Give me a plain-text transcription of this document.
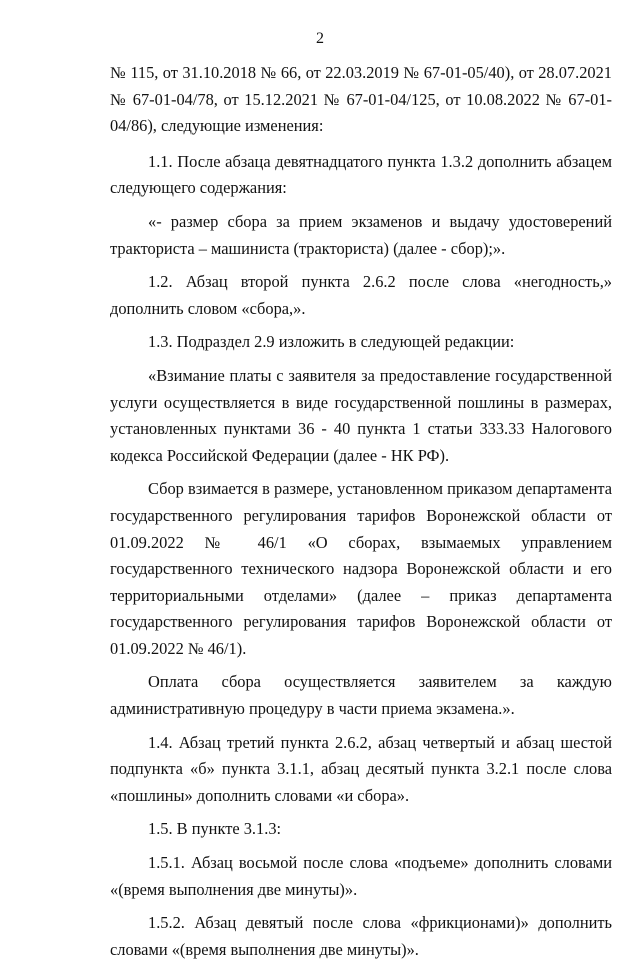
2

№ 115, от 31.10.2018 № 66, от 22.03.2019 № 67-01-05/40), от 28.07.2021 № 67-01-04/78, от 15.12.2021 № 67-01-04/125, от 10.08.2022 № 67-01-04/86), следующие изменения:

1.1. После абзаца девятнадцатого пункта 1.3.2 дополнить абзацем следующего содержания:

«- размер сбора за прием экзаменов и выдачу удостоверений тракториста – машиниста (тракториста) (далее - сбор);».

1.2. Абзац второй пункта 2.6.2 после слова «негодность,» дополнить словом «сбора,».

1.3. Подраздел 2.9 изложить в следующей редакции:

«Взимание платы с заявителя за предоставление государственной услуги осуществляется в виде государственной пошлины в размерах, установленных пунктами 36 - 40 пункта 1 статьи 333.33 Налогового кодекса Российской Федерации (далее - НК РФ).

Сбор взимается в размере, установленном приказом департамента государственного регулирования тарифов Воронежской области от 01.09.2022 № 46/1 «О сборах, взымаемых управлением государственного технического надзора Воронежской области и его территориальными отделами» (далее – приказ департамента государственного регулирования тарифов Воронежской области от 01.09.2022 № 46/1).

Оплата сбора осуществляется заявителем за каждую

административную процедуру в части приема экзамена.».

1.4. Абзац третий пункта 2.6.2, абзац четвертый и абзац шестой подпункта «б» пункта 3.1.1, абзац десятый пункта 3.2.1 после слова «пошлины» дополнить словами «и сбора».

1.5. В пункте 3.1.3:

1.5.1. Абзац восьмой после слова «подъеме» дополнить словами «(время выполнения две минуты)».

1.5.2. Абзац девятый после слова «фрикционами)» дополнить словами «(время выполнения две минуты)».
